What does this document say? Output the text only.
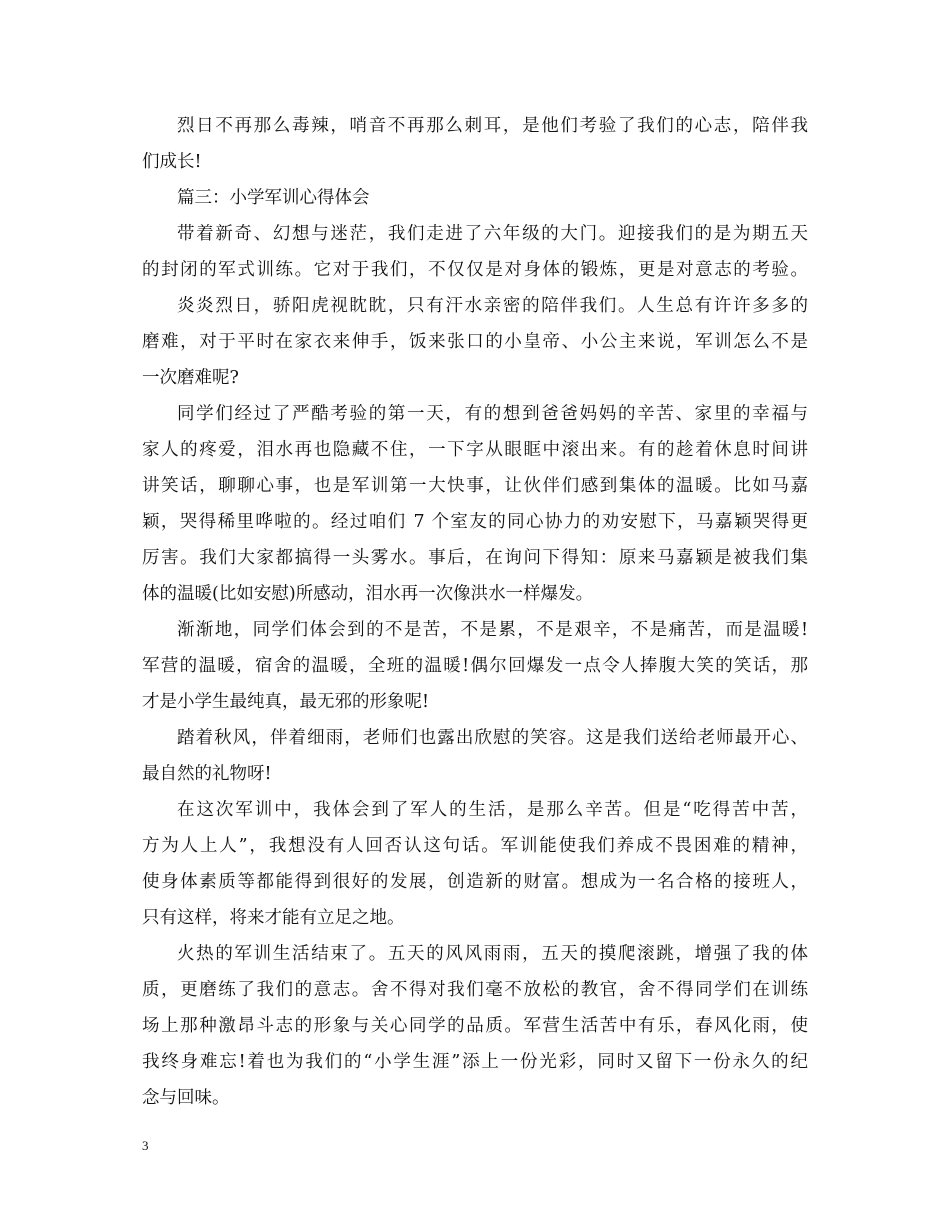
烈日不再那么毒辣，哨音不再那么刺耳，是他们考验了我们的心志，陪伴我
们成长!
篇三：小学军训心得体会
带着新奇、幻想与迷茫，我们走进了六年级的大门。迎接我们的是为期五天
的封闭的军式训练。它对于我们，不仅仅是对身体的锻炼，更是对意志的考验。
炎炎烈日，骄阳虎视眈眈，只有汗水亲密的陪伴我们。人生总有许许多多的
磨难，对于平时在家衣来伸手，饭来张口的小皇帝、小公主来说，军训怎么不是
一次磨难呢?
同学们经过了严酷考验的第一天，有的想到爸爸妈妈的辛苦、家里的幸福与
家人的疼爱，泪水再也隐藏不住，一下字从眼眶中滚出来。有的趁着休息时间讲
讲笑话，聊聊心事，也是军训第一大快事，让伙伴们感到集体的温暖。比如马嘉
颖，哭得稀里哗啦的。经过咱们 7 个室友的同心协力的劝安慰下，马嘉颖哭得更
厉害。我们大家都搞得一头雾水。事后，在询问下得知：原来马嘉颖是被我们集
体的温暖(比如安慰)所感动，泪水再一次像洪水一样爆发。
渐渐地，同学们体会到的不是苦，不是累，不是艰辛，不是痛苦，而是温暖!
军营的温暖，宿舍的温暖，全班的温暖!偶尔回爆发一点令人捧腹大笑的笑话，那
才是小学生最纯真，最无邪的形象呢!
踏着秋风，伴着细雨，老师们也露出欣慰的笑容。这是我们送给老师最开心、
最自然的礼物呀!
在这次军训中，我体会到了军人的生活，是那么辛苦。但是“吃得苦中苦，
方为人上人”，我想没有人回否认这句话。军训能使我们养成不畏困难的精神，
使身体素质等都能得到很好的发展，创造新的财富。想成为一名合格的接班人，
只有这样，将来才能有立足之地。
火热的军训生活结束了。五天的风风雨雨，五天的摸爬滚跳，增强了我的体
质，更磨练了我们的意志。舍不得对我们毫不放松的教官，舍不得同学们在训练
场上那种激昂斗志的形象与关心同学的品质。军营生活苦中有乐，春风化雨，使
我终身难忘!着也为我们的“小学生涯”添上一份光彩，同时又留下一份永久的纪
念与回味。
3
